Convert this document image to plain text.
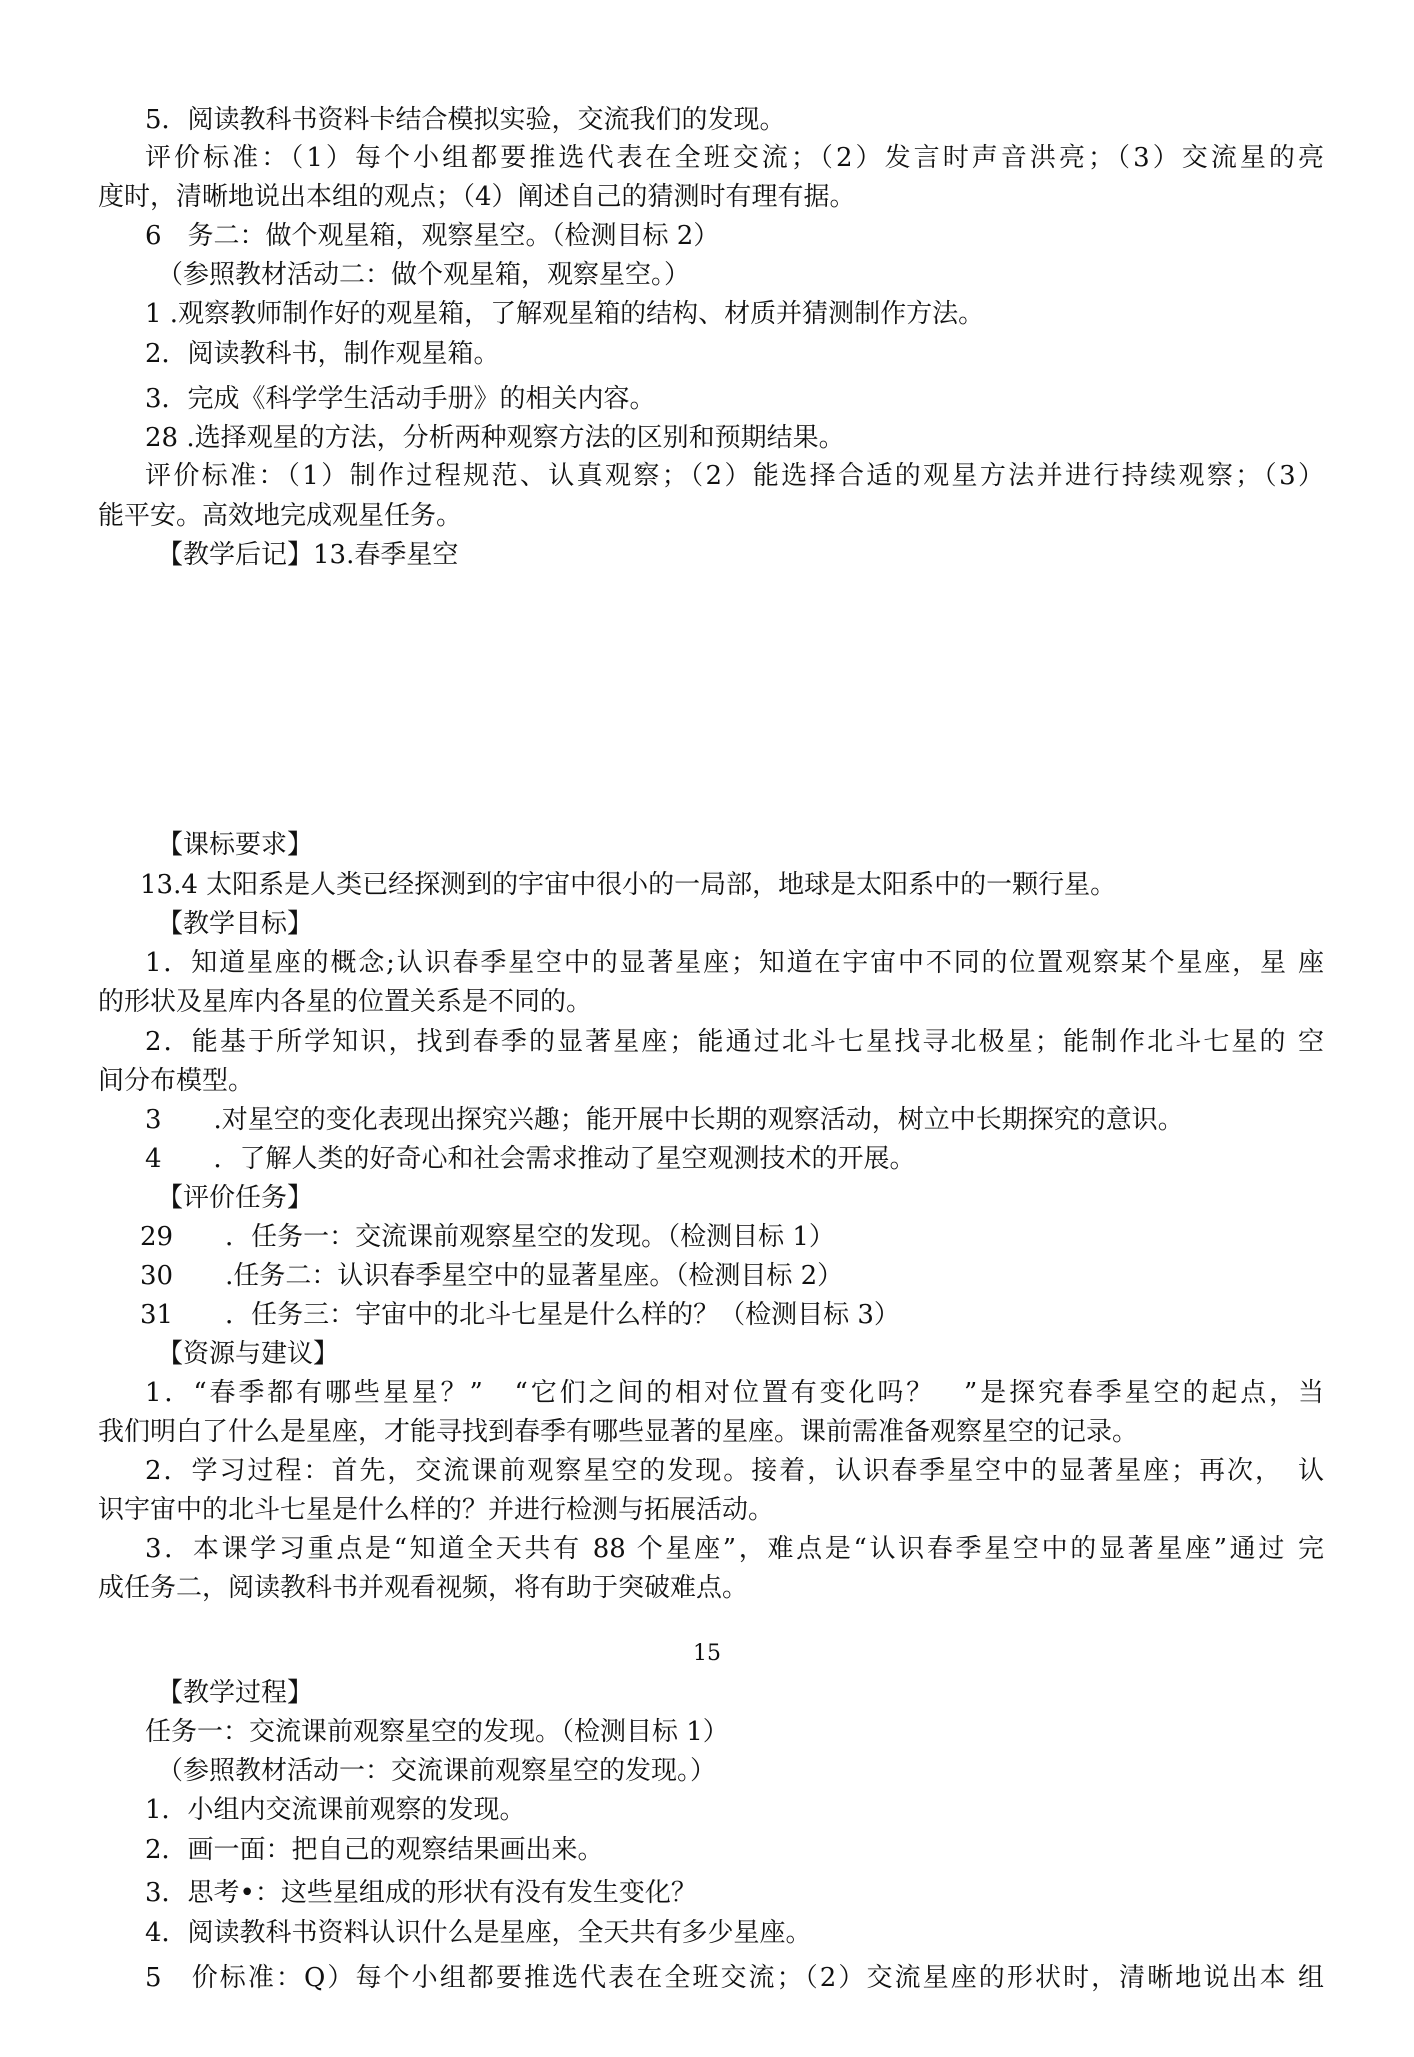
5．阅读教科书资料卡结合模拟实验，交流我们的发现。
评价标准：（1）每个小组都要推选代表在全班交流；（2）发言时声音洪亮；（3）交流星的亮
度时，清晰地说出本组的观点；（4）阐述自己的猜测时有理有据。
6　务二：做个观星箱，观察星空。（检测目标 2）
（参照教材活动二：做个观星箱，观察星空。）
1 .观察教师制作好的观星箱，了解观星箱的结构、材质并猜测制作方法。
2．阅读教科书，制作观星箱。
3．完成《科学学生活动手册》的相关内容。
28 .选择观星的方法，分析两种观察方法的区别和预期结果。
评价标准：（1）制作过程规范、认真观察；（2）能选择合适的观星方法并进行持续观察；（3）
能平安。高效地完成观星任务。
【教学后记】13.春季星空
【课标要求】
13.4 太阳系是人类已经探测到的宇宙中很小的一局部，地球是太阳系中的一颗行星。
【教学目标】
1．知道星座的概念;认识春季星空中的显著星座；知道在宇宙中不同的位置观察某个星座，星 座
的形状及星库内各星的位置关系是不同的。
2．能基于所学知识，找到春季的显著星座；能通过北斗七星找寻北极星；能制作北斗七星的 空
间分布模型。
3　　.对星空的变化表现出探究兴趣；能开展中长期的观察活动，树立中长期探究的意识。
4　　．了解人类的好奇心和社会需求推动了星空观测技术的开展。
【评价任务】
29　　．任务一：交流课前观察星空的发现。（检测目标 1）
30　　.任务二：认识春季星空中的显著星座。（检测目标 2）
31　　．任务三：宇宙中的北斗七星是什么样的？（检测目标 3）
【资源与建议】
1．“春季都有哪些星星？”　“它们之间的相对位置有变化吗？　”是探究春季星空的起点，当
我们明白了什么是星座，才能寻找到春季有哪些显著的星座。课前需准备观察星空的记录。
2．学习过程：首先，交流课前观察星空的发现。接着，认识春季星空中的显著星座；再次，　认
识宇宙中的北斗七星是什么样的？并进行检测与拓展活动。
3．本课学习重点是“知道全天共有 88 个星座”，难点是“认识春季星空中的显著星座”通过 完
成任务二，阅读教科书并观看视频，将有助于突破难点。
15
【教学过程】
任务一：交流课前观察星空的发现。（检测目标 1）
（参照教材活动一：交流课前观察星空的发现。）
1．小组内交流课前观察的发现。
2．画一面：把自己的观察结果画出来。
3．思考•：这些星组成的形状有没有发生变化？
4．阅读教科书资料认识什么是星座，全天共有多少星座。
5　价标准：Q）每个小组都要推选代表在全班交流；（2）交流星座的形状时，清晰地说出本 组
